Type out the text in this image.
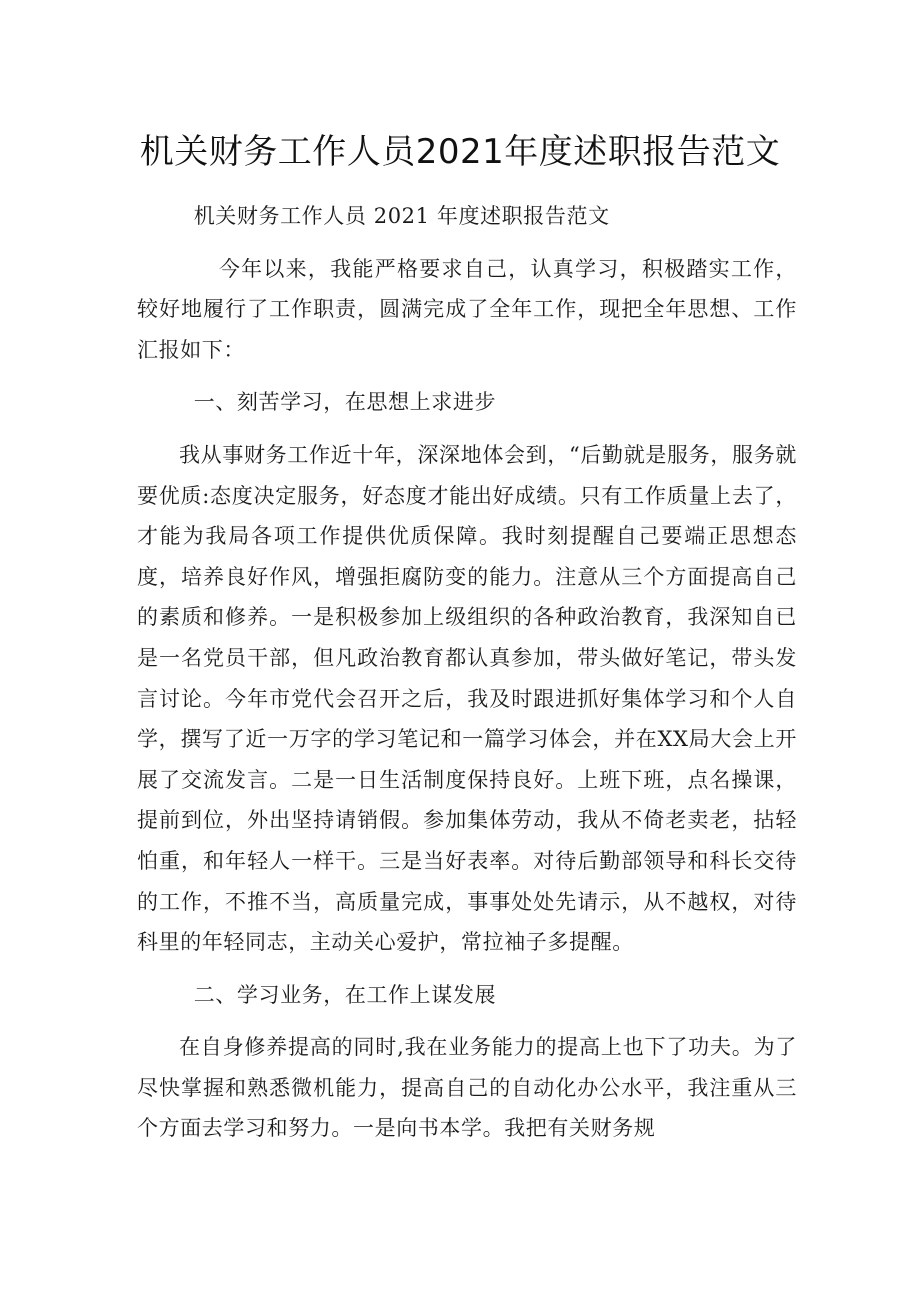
机关财务工作人员2021年度述职报告范文

机关财务工作人员 2021 年度述职报告范文

今年以来，我能严格要求自己，认真学习，积极踏实工作，较好地履行了工作职责，圆满完成了全年工作，现把全年思想、工作汇报如下：

一、刻苦学习，在思想上求进步

我从事财务工作近十年，深深地体会到，“后勤就是服务，服务就要优质:态度决定服务，好态度才能出好成绩。只有工作质量上去了，才能为我局各项工作提供优质保障。我时刻提醒自己要端正思想态度，培养良好作风，增强拒腐防变的能力。注意从三个方面提高自己的素质和修养。一是积极参加上级组织的各种政治教育，我深知自已是一名党员干部，但凡政治教育都认真参加，带头做好笔记，带头发言讨论。今年市党代会召开之后，我及时跟进抓好集体学习和个人自学，撰写了近一万字的学习笔记和一篇学习体会，并在XX局大会上开展了交流发言。二是一日生活制度保持良好。上班下班，点名操课，提前到位，外出坚持请销假。参加集体劳动，我从不倚老卖老，拈轻怕重，和年轻人一样干。三是当好表率。对待后勤部领导和科长交待的工作，不推不当，高质量完成，事事处处先请示，从不越权，对待科里的年轻同志，主动关心爱护，常拉袖子多提醒。

二、学习业务，在工作上谋发展

在自身修养提高的同时,我在业务能力的提高上也下了功夫。为了尽快掌握和熟悉微机能力，提高自己的自动化办公水平，我注重从三个方面去学习和努力。一是向书本学。我把有关财务规
